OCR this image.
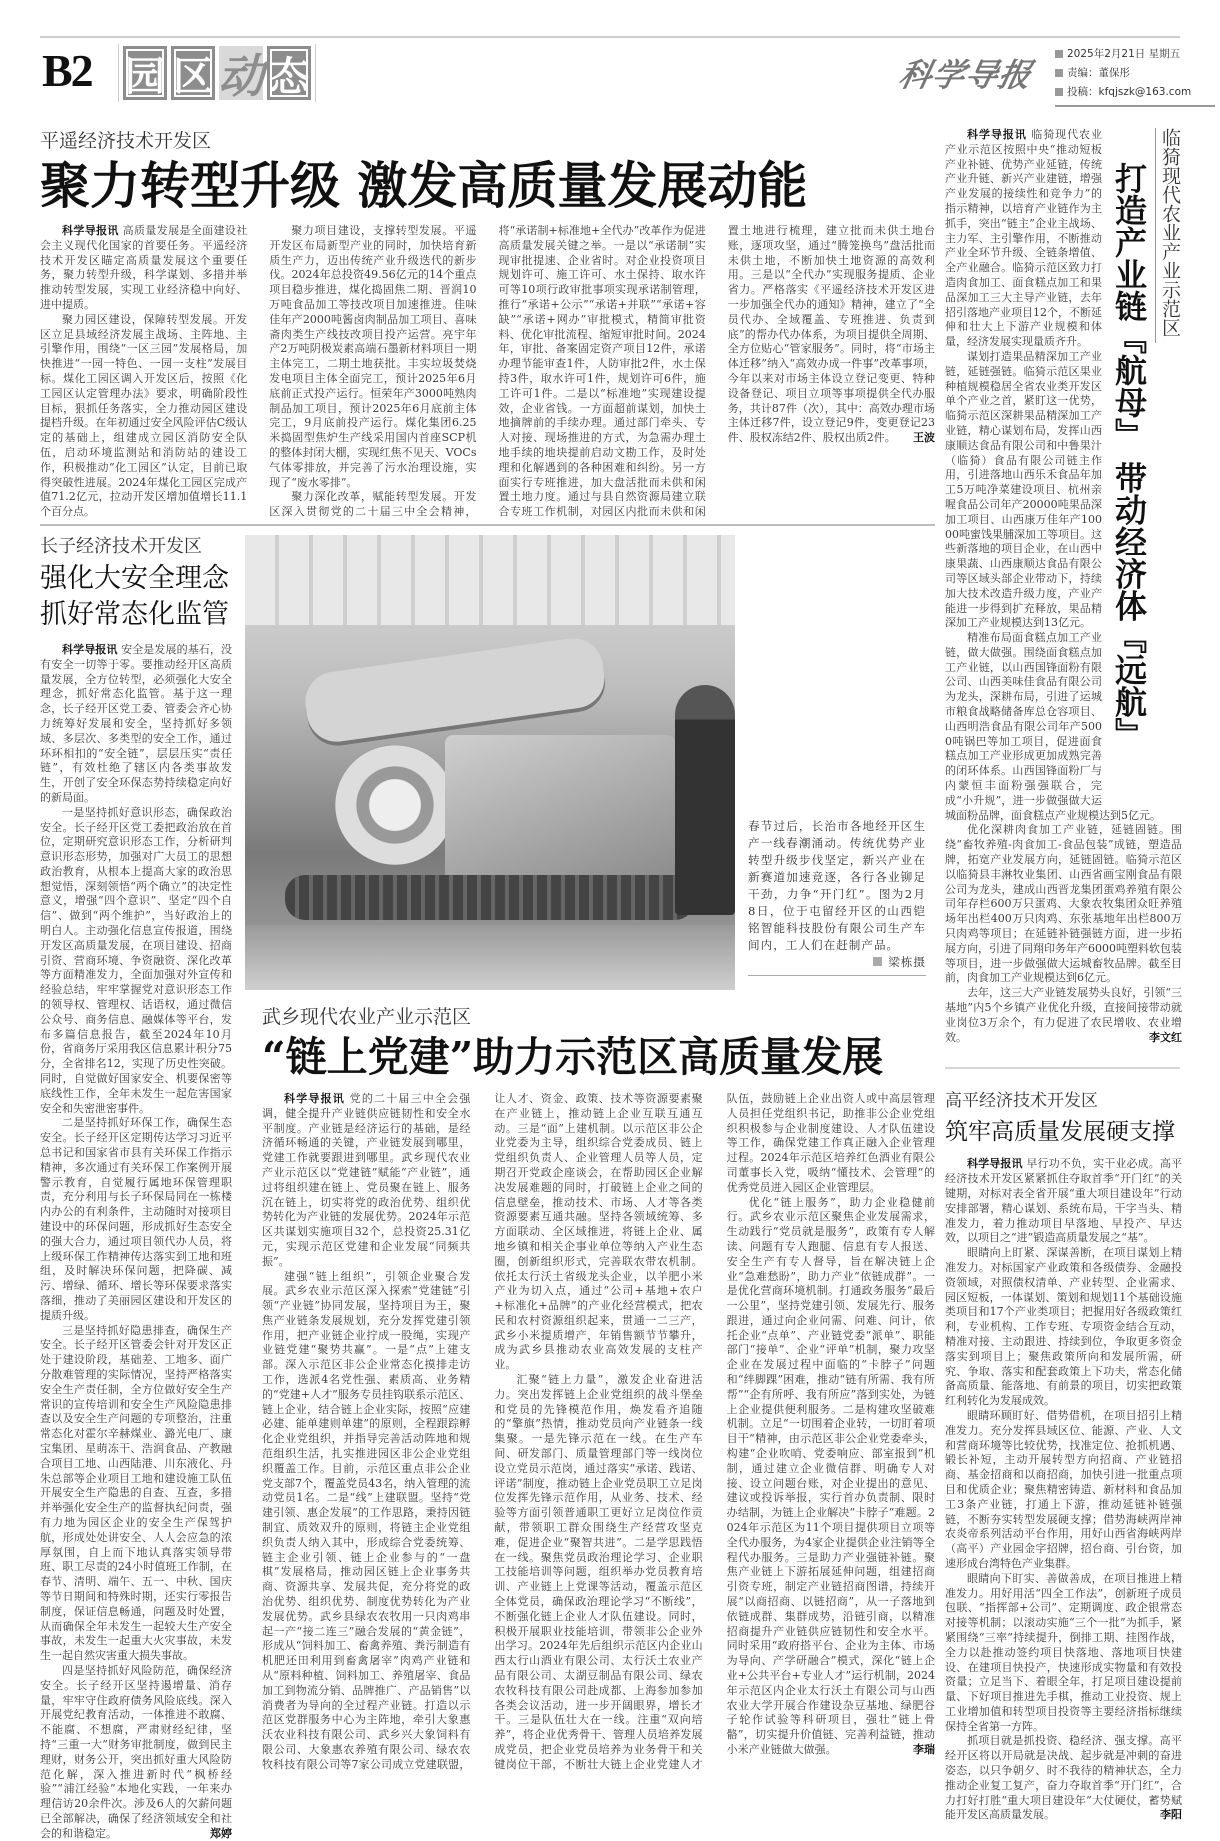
B2 园 区 动 态	科学导报
2025年2月21日 星期五
责编：董保彤
投稿：kfqjszk@163.com
平遥经济技术开发区
聚力转型升级 激发高质量发展动能

科学导报讯 高质量发展是全面建设社会主义现代化国家的首要任务。平遥经济技术开发区瞄定高质量发展这个重要任务，聚力转型升级，科学谋划、多措并举推动转型发展，实现工业经济稳中向好、进中提质。

聚力园区建设，保障转型发展。开发区立足县域经济发展主战场、主阵地、主引擎作用，围绕“一区三园”发展格局，加快推进“一园一特色、一园一支柱”发展目标。煤化工园区调入开发区后，按照《化工园区认定管理办法》要求，明确阶段性目标，狠抓任务落实，全力推动园区建设提档升级。在年初通过安全风险评估C级认定的基础上，组建成立园区消防安全队伍，启动环境监测站和消防站的建设工作，积极推动“化工园区”认定，目前已取得突破性进展。2024年煤化工园区完成产值71.2亿元，拉动开发区增加值增长11.1个百分点。

聚力项目建设，支撑转型发展。平遥开发区布局新型产业的同时，加快培育新质生产力，迈出传统产业升级迭代的新步伐。2024年总投资49.56亿元的14个重点项目稳步推进，煤化捣固焦二期、晋润10万吨食品加工等技改项目加速推进。佳味佳年产2000吨酱卤肉制品加工项目、喜味斋肉类生产线技改项目投产运营。亮宇年产2万吨阴极炭素高端石墨新材料项目一期主体完工，二期土地获批。丰实垃圾焚烧发电项目主体全面完工，预计2025年6月底前正式投产运行。恒荣年产3000吨熟肉制品加工项目，预计2025年6月底前主体完工，9月底前投产运行。煤化集团6.25米捣固型焦炉生产线采用国内首座SCP机的整体封闭大棚，实现红焦不见天、VOCs气体零排放，并完善了污水治理设施，实现了“废水零排”。

聚力深化改革，赋能转型发展。开发区深入贯彻党的二十届三中全会精神，将“承诺制+标准地+全代办”改革作为促进高质量发展关键之举。一是以“承诺制”实现审批提速、企业省时。对企业投资项目规划许可、施工许可、水土保持、取水许可等10项行政审批事项实现承诺制管理，推行“承诺+公示”“承诺+并联”“承诺+容缺”“承诺+网办”审批模式，精简审批资料、优化审批流程、缩短审批时间。2024年，审批、备案固定资产项目12件，承诺办理节能审查1件，人防审批2件，水土保持3件，取水许可1件，规划许可6件，施工许可1件。二是以“标准地”实现建设提效，企业省钱。一方面超前谋划，加快土地摘牌前的手续办理。通过部门牵头、专人对接、现场推进的方式，为急需办理土地手续的地块提前启动文勘工作，及时处理和化解遇到的各种困难和纠纷。另一方面实行专班推进，加大盘活批而未供和闲置土地力度。通过与县自然资源局建立联合专班工作机制，对园区内批而未供和闲置土地进行梳理，建立批而未供土地台账，逐项攻坚，通过“腾笼换鸟”盘活批而未供土地，不断加快土地资源的高效利用。三是以“全代办”实现服务提质、企业省力。严格落实《平遥经济技术开发区进一步加强全代办的通知》精神，建立了“全员代办、全域覆盖、专班推进、负责到底”的帮办代办体系，为项目提供全周期、全方位贴心“管家服务”。同时，将“市场主体迁移”纳入“高效办成一件事”改革事项，今年以来对市场主体设立登记变更、特种设备登记、项目立项等事项提供全代办服务，共计87件（次），其中：高效办理市场主体迁移7件，设立登记9件，变更登记23件、股权冻结2件、股权出质2件。 王波

长子经济技术开发区
强化大安全理念
抓好常态化监管

科学导报讯 安全是发展的基石，没有安全一切等于零。要推动经开区高质量发展，全方位转型，必须强化大安全理念，抓好常态化监管。基于这一理念，长子经开区党工委、管委会齐心协力统筹好发展和安全，坚持抓好多领域、多层次、多类型的安全工作，通过环环相扣的“安全链”，层层压实“责任链”，有效杜绝了辖区内各类事故发生，开创了安全环保态势持续稳定向好的新局面。

一是坚持抓好意识形态，确保政治安全。长子经开区党工委把政治放在首位，定期研究意识形态工作，分析研判意识形态形势，加强对广大员工的思想政治教育，从根本上提高大家的政治思想觉悟，深刻领悟“两个确立”的决定性意义，增强“四个意识”、坚定“四个自信”、做到“两个维护”，当好政治上的明白人。主动强化信息宣传报道，围绕开发区高质量发展，在项目建设、招商引资、营商环境、争资融资、深化改革等方面精准发力，全面加强对外宣传和经验总结，牢牢掌握党对意识形态工作的领导权、管理权、话语权，通过微信公众号、商务信息、融媒体等平台，发布多篇信息报告，截至2024年10月份，省商务厅采用我区信息累计积分75分，全省排名12，实现了历史性突破。同时，自觉做好国家安全、机要保密等底线性工作，全年未发生一起危害国家安全和失密泄密事件。

二是坚持抓好环保工作，确保生态安全。长子经开区定期传达学习习近平总书记和国家省市县有关环保工作指示精神，多次通过有关环保工作案例开展警示教育，自觉履行属地环保管理职责，充分利用与长子环保局同在一栋楼内办公的有利条件，主动随时对接项目建设中的环保问题，形成抓好生态安全的强大合力，通过项目领代办人员，将上级环保工作精神传达落实到工地和班组，及时解决环保问题，把降碳、减污、增绿、循环、增长等环保要求落实落细，推动了美丽园区建设和开发区的提质升级。

三是坚持抓好隐患排查，确保生产安全。长子经开区管委会针对开发区正处于建设阶段，基础差、工地多、面广分散难管理的实际情况，坚持严格落实安全生产责任制，全方位做好安全生产常识的宣传培训和安全生产风险隐患排查以及安全生产问题的专项整治，注重常态化对霍尔辛赫煤业、潞光电厂、康宝集团、星萌冻干、浩润食品、产教融合项目工地、山西陆港、川东液化、丹朱总部等企业项目工地和建设施工队伍开展安全生产隐患的自查、互查，多措并举强化安全生产的监督执纪问责，强有力地为园区企业的安全生产保驾护航，形成处处讲安全、人人会应急的浓厚氛围，自上而下地认真落实领导带班、职工尽责的24小时值班工作制，在春节、清明、端午、五一、中秋、国庆等节日期间和特殊时期，还实行零报告制度，保证信息畅通，问题及时处置，从而确保全年未发生一起较大生产安全事故，未发生一起重大火灾事故，未发生一起自然灾害重大损失事故。

四是坚持抓好风险防范，确保经济安全。长子经开区坚持遏增量、消存量，牢牢守住政府债务风险底线。深入开展党纪教育活动，一体推进不敢腐、不能腐、不想腐，严肃财经纪律，坚持“三重一大”财务审批制度，做到民主理财，财务公开，突出抓好重大风险防范化解，深入推进新时代“枫桥经验”“浦江经验”本地化实践，一年来办理信访20余件次。涉及6人的欠薪问题已全部解决，确保了经济领域安全和社会的和谐稳定。	郑婷

春节过后，长治市各地经开区生产一线春潮涌动。传统优势产业转型升级步伐坚定，新兴产业在新赛道加速竞逐，各行各业铆足干劲，力争“开门红”。图为2月8日，位于屯留经开区的山西铠铭智能科技股份有限公司生产车间内，工人们在赶制产品。
梁栋摄
武乡现代农业产业示范区
“链上党建”助力示范区高质量发展

科学导报讯 党的二十届三中全会强调，健全提升产业链供应链韧性和安全水平制度。产业链是经济运行的基础，是经济循环畅通的关键，产业链发展到哪里，党建工作就要跟进到哪里。武乡现代农业产业示范区以“党建链”赋能“产业链”，通过将组织建在链上、党员聚在链上、服务沉在链上，切实将党的政治优势、组织优势转化为产业链的发展优势。2024年示范区共谋划实施项目32个，总投资25.31亿元，实现示范区党建和企业发展“同频共振”。

建强“链上组织”，引领企业聚合发展。武乡农业示范区深入探索“党建链”引领“产业链”协同发展，坚持项目为王，聚焦产业链条发展规划，充分发挥党建引领作用，把产业链企业拧成一股绳，实现产业链党建“聚势共赢”。一是“点”上建支部。深入示范区非公企业常态化摸排走访工作，选派4名党性强、素质高、业务精的“党建+人才”服务专员挂钩联系示范区、链上企业，结合链上企业实际，按照“应建必建、能单建则单建”的原则，全程跟踪孵化企业党组织，并指导完善活动阵地和规范组织生活，扎实推进园区非公企业党组织覆盖工作。目前，示范区重点非公企业党支部7个，覆盖党员43名，纳入管理的流动党员1名。二是“线”上建联盟。坚持“党建引领、惠企发展”的工作思路，秉持因链制宜、质效双升的原则，将链主企业党组织负责人纳入其中，形成综合党委统筹、链主企业引领、链上企业参与的“一盘棋”发展格局，推动园区链上企业事务共商、资源共享、发展共促，充分将党的政治优势、组织优势、制度优势转化为产业发展优势。武乡县绿农农牧用一只肉鸡串起一产“接二连三”融合发展的“黄金链”，形成从“饲料加工、畜禽养殖、粪污制造有机肥还田利用到畜禽屠宰”肉鸡产业链和从“原料种植、饲料加工、养殖屠宰、食品加工到物流分销、品牌推广、产品销售”以消费者为导向的全过程产业链。打造以示范区党群服务中心为主阵地，牵引大象惠沃农业科技有限公司、武乡兴大象饲料有限公司、大象惠农养殖有限公司、绿农农牧科技有限公司等7家公司成立党建联盟，让人才、资金、政策、技术等资源要素聚在产业链上，推动链上企业互联互通互动。三是“面”上建机制。以示范区非公企业党委为主导，组织综合党委成员、链上党组织负责人、企业管理人员等人员，定期召开党政企座谈会，在帮助园区企业解决发展难题的同时，打破链上企业之间的信息壁垒，推动技术、市场、人才等各类资源要素互通共融。坚持各领域统筹、多方面联动、全区域推进，将链上企业、属地乡镇和相关企事业单位等纳入产业生态圈，创新组织形式，完善联农带农机制。依托太行沃土省级龙头企业，以羊肥小米产业为切入点，通过“公司+基地+农户+标准化+品牌”的产业化经营模式，把农民和农村资源组织起来，贯通一二三产，武乡小米提质增产，年销售额节节攀升，成为武乡县推动农业高效发展的支柱产业。

汇聚“链上力量”，激发企业奋进活力。突出发挥链上企业党组织的战斗堡垒和党员的先锋模范作用，焕发看齐追随的“擎旗”热情，推动党员向产业链条一线集聚。一是先锋示范在一线。在生产车间、研发部门、质量管理部门等一线岗位设立党员示范岗，通过落实“承诺、践诺、评诺”制度，推动链上企业党员职工立足岗位发挥先锋示范作用，从业务、技术、经验等方面引领普通职工更好立足岗位作贡献，带领职工群众围绕生产经营攻坚克难，促进企业“聚智共进”。二是学思践悟在一线。聚焦党员政治理论学习、企业职工技能培训等问题，组织举办党员教育培训、产业链上上党课等活动，覆盖示范区全体党员，确保政治理论学习“不断线”，不断强化链上企业人才队伍建设。同时，积极开展职业技能培训，带领非公企业外出学习。2024年先后组织示范区内企业山西太行山酒业有限公司、太行沃土农业产品有限公司、太湖豆制品有限公司、绿农农牧科技有限公司赴成都、上海参加参加各类会议活动，进一步开阔眼界，增长才干。三是队伍壮大在一线。注重“双向培养”，将企业优秀骨干、管理人员培养发展成党员，把企业党员培养为业务骨干和关键岗位干部，不断壮大链上企业党建人才队伍，鼓励链上企业出资人或中高层管理人员担任党组织书记，助推非公企业党组织积极参与企业制度建设、人才队伍建设等工作，确保党建工作真正融入企业管理过程。2024年示范区培养红色酒业有限公司董事长入党，吸纳“懂技术、会管理”的优秀党员进入园区企业管理层。

优化“链上服务”，助力企业稳健前行。武乡农业示范区聚焦企业发展需求，生动践行“党员就是服务”，政策有专人解读、问题有专人跑腿、信息有专人报送、安全生产有专人督导，旨在解决链上企业“急难愁盼”，助力产业“依链成群”。一是优化营商环境机制。打通政务服务“最后一公里”，坚持党建引领、发展先行、服务跟进，通过向企业问需、问难、问计，依托企业“点单”、产业链党委“派单”、职能部门“接单”、企业“评单”机制，聚力攻坚企业在发展过程中面临的“卡脖子”问题和“绊脚踝”困难，推动“链有所需、我有所帮”“企有所呼、我有所应”落到实处，为链上企业提供便利服务。二是构建攻坚破难机制。立足“一切围着企业转，一切盯着项目干”精神，由示范区非公企业党委牵头，构建“企业吹哨、党委响应、部室报到”机制，通过建立企业微信群、明确专人对接、设立问题台账，对企业提出的意见、建议或投诉举报，实行首办负责制、限时办结制，为链上企业解决“卡脖子”难题。2024年示范区为11个项目提供项目立项等全代办服务，为4家企业提供企业注销等全程代办服务。三是助力产业强链补链。聚焦产业链上下游拓展延伸问题，组建招商引资专班，制定产业链招商图谱，持续开展“以商招商、以链招商”，从一子落地到依链成群、集群成势，沿链引商，以精准招商提升产业链供应链韧性和安全水平。同时采用“政府搭平台、企业为主体、市场为导向、产学研融合”模式，深化“链上企业+公共平台+专业人才”运行机制，2024年示范区内企业太行沃土有限公司与山西农业大学开展合作建设杂豆基地、绿肥谷子轮作试验等科研项目，强壮“链上骨骼”，切实提升价值链、完善利益链，推动小米产业链做大做强。	李瑞

临猗现代农业产业示范区
打造产业链『航母』 带动经济体『远航』

科学导报讯 临猗现代农业产业示范区按照中央“推动短板产业补链、优势产业延链，传统产业升链、新兴产业建链，增强产业发展的接续性和竞争力”的指示精神，以培育产业链作为主抓手，突出“链主”企业主战场、主力军、主引擎作用，不断推动产业全环节升级、全链条增值、全产业融合。临猗示范区致力打造肉食加工、面食糕点加工和果品深加工三大主导产业链，去年招引落地产业项目12个，不断延伸和壮大上下游产业规模和体量，经济发展实现量质齐升。

谋划打造果品精深加工产业链，延链强链。临猗示范区果业种植规模稳居全省农业类开发区单个产业之首，紧盯这一优势，临猗示范区深耕果品精深加工产业链，精心谋划布局，发挥山西康顺达食品有限公司和中鲁果汁（临猗）食品有限公司链主作用，引进落地山西乐禾食品年加工5万吨净菜建设项目、杭州亲喔食品公司年产20000吨果品深加工项目、山西康万佳年产10000吨蜜饯果脯深加工等项目。这些新落地的项目企业，在山西中康果蔬、山西康顺达食品有限公司等区域头部企业带动下，持续加大技术改造升级力度，产业产能进一步得到扩充释放，果品精深加工产业规模达到13亿元。

精准布局面食糕点加工产业链，做大做强。围绕面食糕点加工产业链，以山西国锋面粉有限公司、山西美味佳食品有限公司为龙头，深耕布局，引进了运城市粮食战略储备库总仓容项目、山西明浩食品有限公司年产5000吨锅巴等加工项目，促进面食糕点加工产业形成更加成熟完善的闭环体系。山西国锋面粉厂与内蒙恒丰面粉强强联合，完成“小升规”，进一步做强做大运城面粉品牌，面食糕点产业规模达到5亿元。

优化深耕肉食加工产业链，延链固链。围绕“畜牧养殖-肉食加工-食品包装”成链，塑造品牌，拓宽产业发展方向，延链固链。临猗示范区以临猗县丰淋牧业集团、山西省画宝刚食品有限公司为龙头，建成山西晋龙集团蛋鸡养殖有限公司年存栏600万只蛋鸡、大象农牧集团众旺养殖场年出栏400万只肉鸡、东张基地年出栏800万只肉鸡等项目；在延链补链强链方面，进一步拓展方向，引进了同翔印务年产6000吨塑料软包装等项目，进一步做强做大运城畜牧品牌。截至目前，肉食加工产业规模达到6亿元。

去年，这三大产业链发展势头良好，引领“三基地”内5个乡镇产业优化升级，直接间接带动就业岗位3万余个，有力促进了农民增收、农业增效。	李文红

高平经济技术开发区
筑牢高质量发展硬支撑

科学导报讯 早行功不负，实干业必成。高平经济技术开发区紧紧抓住夺取首季“开门红”的关键期，对标对表全省开展“重大项目建设年”行动安排部署，精心谋划、系统布局，干字当头、精准发力，着力推动项目早落地、早投产、早达效，以项目之“进”锻造高质量发展之“基”。

眼睛向上盯紧、深谋善断，在项目谋划上精准发力。对标国家产业政策和各级债券、金融投资领域，对照债权清单、产业转型、企业需求、园区短板，一体谋划、策划和规划11个基础设施类项目和17个产业类项目；把握用好各级政策红利，专业机构、工作专班、专项资金结合互动，精准对接、主动跟进、持续到位，争取更多资金落实到项目上；聚焦政策所向和发展所需，研究、争取、落实和配套政策上下功夫，常态化储备高质量、能落地、有前景的项目，切实把政策红利转化为发展成效。

眼睛环顾盯好、借势借机，在项目招引上精准发力。充分发挥县域区位、能源、产业、人文和营商环境等比较优势，找准定位、抢抓机遇、锻长补短，主动开展转型方向招商、产业链招商、基金招商和以商招商，加快引进一批重点项目和优质企业；聚焦精密铸造、新材料和食品加工3条产业链，打通上下游，推动延链补链强链，不断夯实转型发展硬支撑；借势海峡两岸神农炎帝系列活动平台作用，用好山西省海峡两岸（高平）产业园金字招牌，招台商、引台资，加速形成台湾特色产业集群。

眼睛向下盯实、善做善成，在项目推进上精准发力。用好用活“四全工作法”，创新班子成员包联、“指挥部+公司”、定期调度、政企银常态对接等机制；以滚动实施“三个一批”为抓手，紧紧围绕“三率”持续提升，倒排工期、挂图作战，全力以赴推动签约项目快落地、落地项目快建设、在建项目快投产，快速形成实物量和有效投资量；立足当下、着眼全年，打足项目建设提前量、下好项目推进先手棋，推动工业投资、规上工业增加值和转型项目投资等主要经济指标继续保持全省第一方阵。

抓项目就是抓投资、稳经济、强支撑。高平经开区将以开局就是决战、起步就是冲刺的奋进姿态，以只争朝夕、时不我待的精神状态，全力推动企业复工复产，奋力夺取首季“开门红”，合力打好打胜“重大项目建设年”大仗硬仗，蓄势赋能开发区高质量发展。	李阳
